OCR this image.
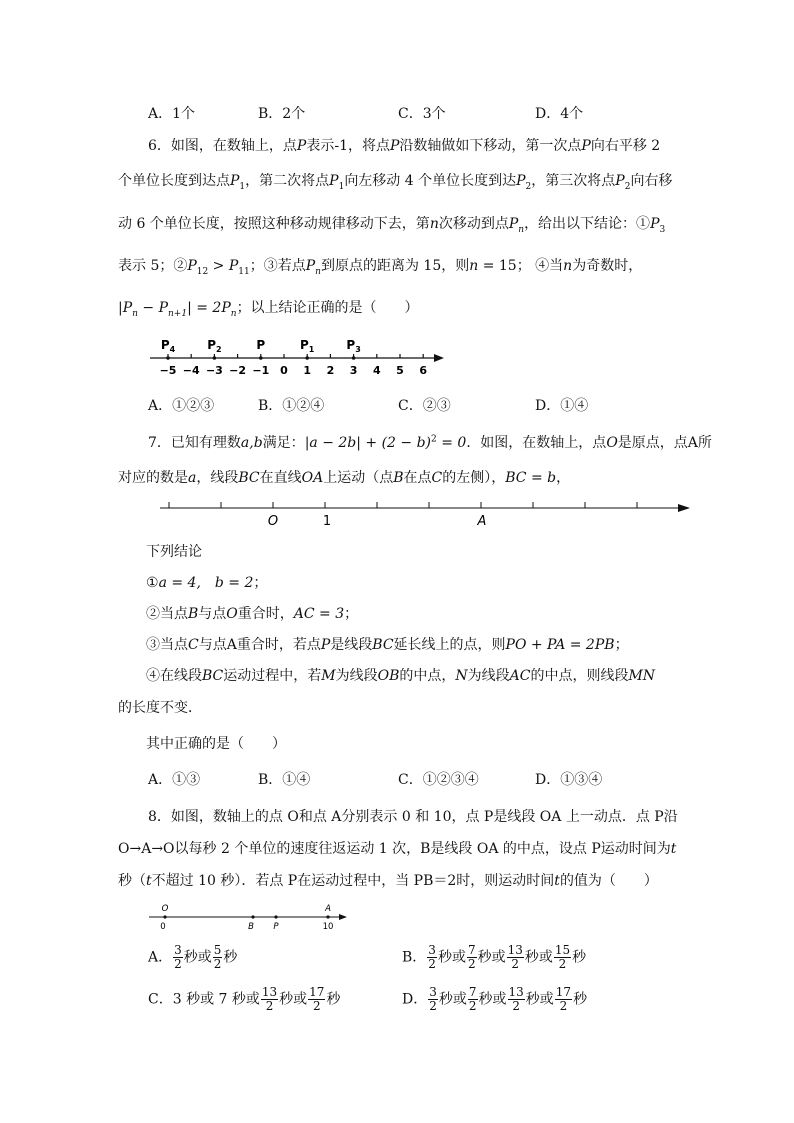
A．1个	B．2个	C．3个	D．4个
6．如图，在数轴上，点P表示-1，将点P沿数轴做如下移动，第一次点P向右平移 2
个单位长度到达点$P_1$，第二次将点$P_1$向左移动 4 个单位长度到达$P_2$，第三次将点$P_2$向右移
动 6 个单位长度，按照这种移动规律移动下去，第n次移动到点$P_n$，给出以下结论：$①P_3$
表示 5；$②P_{12} > P_{11}$；③若点$P_n$到原点的距离为 15，则n = 15； ④当n为奇数时，
$|P_n - P_{n+1}| = 2P_n$；以上结论正确的是（　　）
−5 −4 −3 −2 −1 0 1 2 3 4 5 6
$P_4$	$P_2$	P	$P_1$	$P_3$
A．①②③	B．①②④	C．②③	D．①④
7．已知有理数a,b满足：$|a - 2b| + (2 - b)^2 = 0$．如图，在数轴上，点O是原点，点A所
对应的数是a，线段BC在直线OA上运动（点B在点C的左侧），BC = b，
O	1	A
下列结论
①a = 4,　b = 2；
②当点B与点O重合时，AC = 3；
③当点C与点A重合时，若点P是线段BC延长线上的点，则PO + PA = 2PB；
④在线段BC运动过程中，若M为线段OB的中点，N为线段AC的中点，则线段MN
的长度不变．
其中正确的是（　　）
A．①③	B．①④	C．①②③④	D．①③④
8．如图，数轴上的点 O和点 A分别表示 0 和 10，点 P是线段 OA 上一动点．点 P沿
O→A→O以每秒 2 个单位的速度往返运动 1 次，B是线段 OA 的中点，设点 P运动时间为t
秒（t不超过 10 秒）．若点 P在运动过程中，当 PB＝2时，则运动时间t的值为（　　）
O	A
0	B P	10
A． $\frac{3}{2}$ 秒或 $\frac{5}{2}$ 秒	B． $\frac{3}{2}$ 秒或 $\frac{7}{2}$ 秒或 $\frac{13}{2}$ 秒或 $\frac{15}{2}$ 秒
C．3 秒或 7 秒或 $\frac{13}{2}$ 秒或 $\frac{17}{2}$ 秒	D． $\frac{3}{2}$ 秒或 $\frac{7}{2}$ 秒或 $\frac{13}{2}$ 秒或 $\frac{17}{2}$ 秒
